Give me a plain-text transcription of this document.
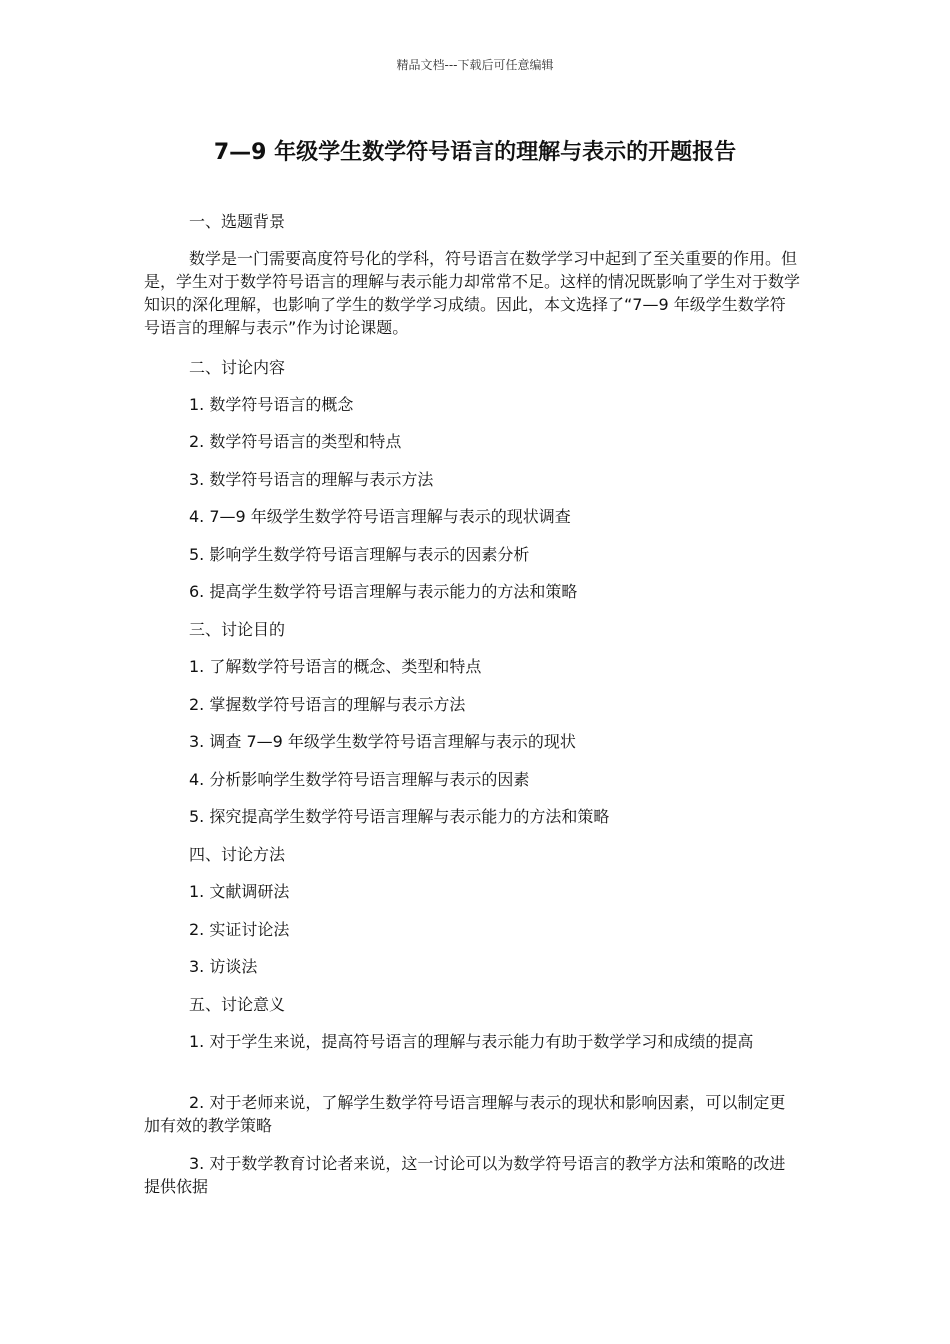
精品文档---下载后可任意编辑
7—9 年级学生数学符号语言的理解与表示的开题报告
一、选题背景
数学是一门需要高度符号化的学科，符号语言在数学学习中起到了至关重要的作用。但是，学生对于数学符号语言的理解与表示能力却常常不足。这样的情况既影响了学生对于数学知识的深化理解，也影响了学生的数学学习成绩。因此，本文选择了“7—9 年级学生数学符号语言的理解与表示”作为讨论课题。
二、讨论内容
1. 数学符号语言的概念
2. 数学符号语言的类型和特点
3. 数学符号语言的理解与表示方法
4. 7—9 年级学生数学符号语言理解与表示的现状调查
5. 影响学生数学符号语言理解与表示的因素分析
6. 提高学生数学符号语言理解与表示能力的方法和策略
三、讨论目的
1. 了解数学符号语言的概念、类型和特点
2. 掌握数学符号语言的理解与表示方法
3. 调查 7—9 年级学生数学符号语言理解与表示的现状
4. 分析影响学生数学符号语言理解与表示的因素
5. 探究提高学生数学符号语言理解与表示能力的方法和策略
四、讨论方法
1. 文献调研法
2. 实证讨论法
3. 访谈法
五、讨论意义
1. 对于学生来说，提高符号语言的理解与表示能力有助于数学学习和成绩的提高
2. 对于老师来说，了解学生数学符号语言理解与表示的现状和影响因素，可以制定更加有效的教学策略
3. 对于数学教育讨论者来说，这一讨论可以为数学符号语言的教学方法和策略的改进提供依据
